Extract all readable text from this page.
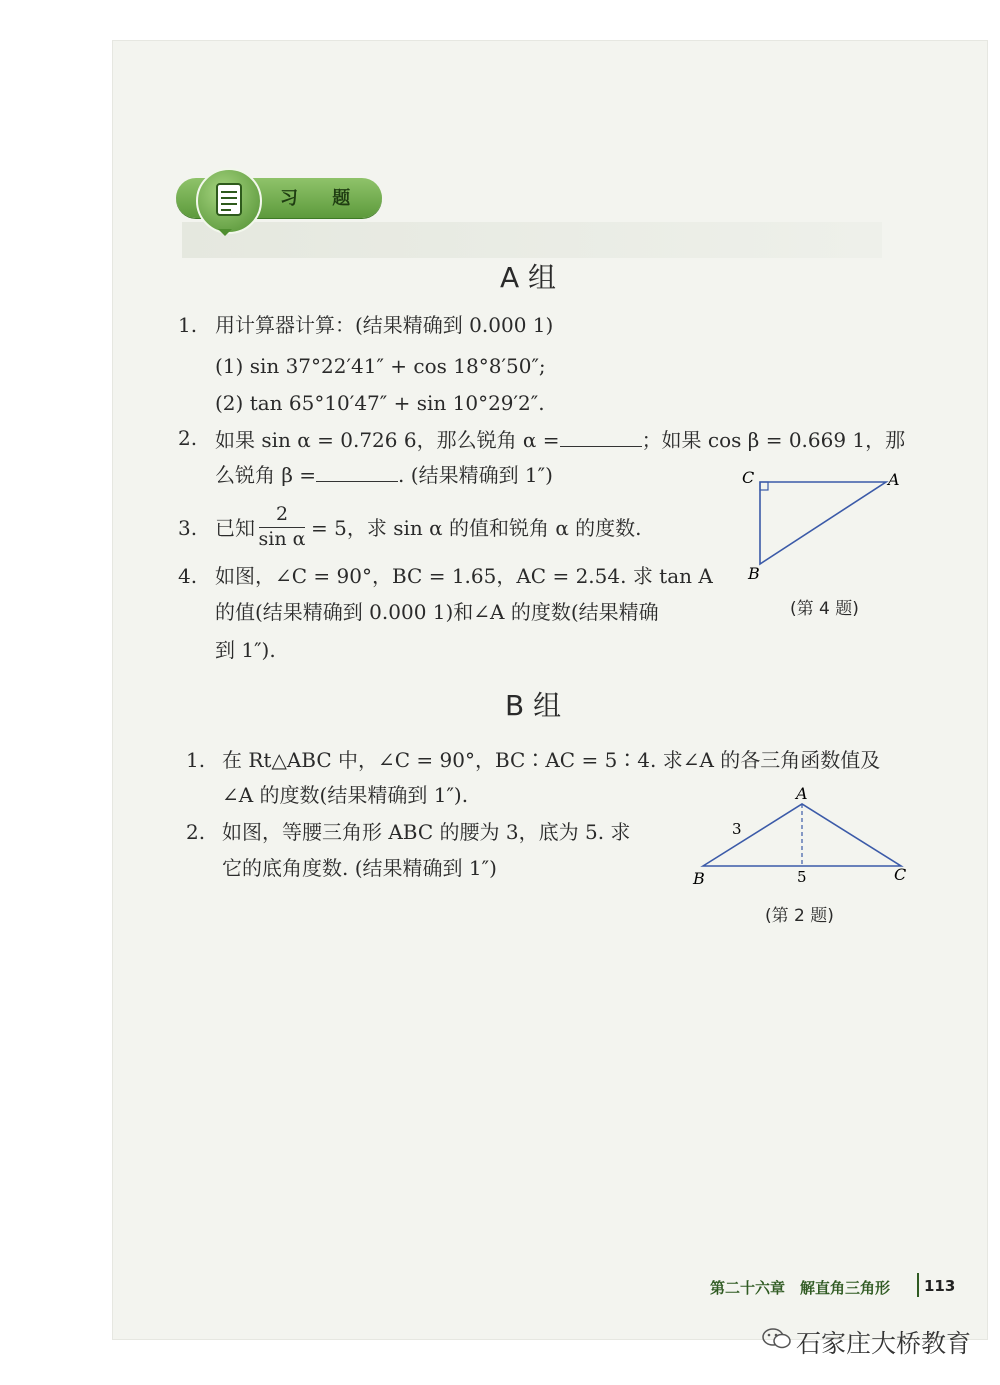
习 题
A 组
1. 用计算器计算：(结果精确到 0.000 1)
(1) sin 37°22′41″ + cos 18°8′50″;
(2) tan 65°10′47″ + sin 10°29′2″.
2. 如果 sin α = 0.726 6，那么锐角 α =	；如果 cos β = 0.669 1，那
么锐角 β =	. (结果精确到 1″)
3. 已知
2
sin α = 5，求 sin α 的值和锐角 α 的度数.
4. 如图，∠C = 90°，BC = 1.65，AC = 2.54. 求 tan A
的值(结果精确到 0.000 1)和∠A 的度数(结果精确
到 1″).
C	A
B
(第 4 题)
B 组
1. 在 Rt△ABC 中，∠C = 90°，BC∶AC = 5∶4. 求∠A 的各三角函数值及
∠A 的度数(结果精确到 1″).
2. 如图，等腰三角形 ABC 的腰为 3，底为 5. 求
它的底角度数. (结果精确到 1″)
A
B	C
3
5
(第 2 题)
第二十六章　解直角三角形 113
石家庄大桥教育
